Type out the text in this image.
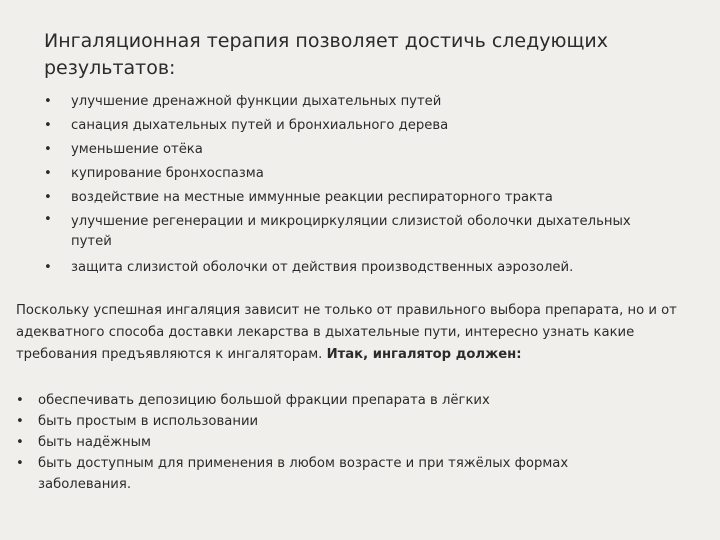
Ингаляционная терапия позволяет достичь следующих результатов:
• улучшение дренажной функции дыхательных путей
• санация дыхательных путей и бронхиального дерева
• уменьшение отёка
• купирование бронхоспазма
• воздействие на местные иммунные реакции респираторного тракта
• улучшение регенерации и микроциркуляции слизистой оболочки дыхательных путей
• защита слизистой оболочки от действия производственных аэрозолей.

Поскольку успешная ингаляция зависит не только от правильного выбора препарата, но и от адекватного способа доставки лекарства в дыхательные пути, интересно узнать какие требования предъявляются к ингаляторам. Итак, ингалятор должен:

• обеспечивать депозицию большой фракции препарата в лёгких
• быть простым в использовании
• быть надёжным
• быть доступным для применения в любом возрасте и при тяжёлых формах заболевания.
